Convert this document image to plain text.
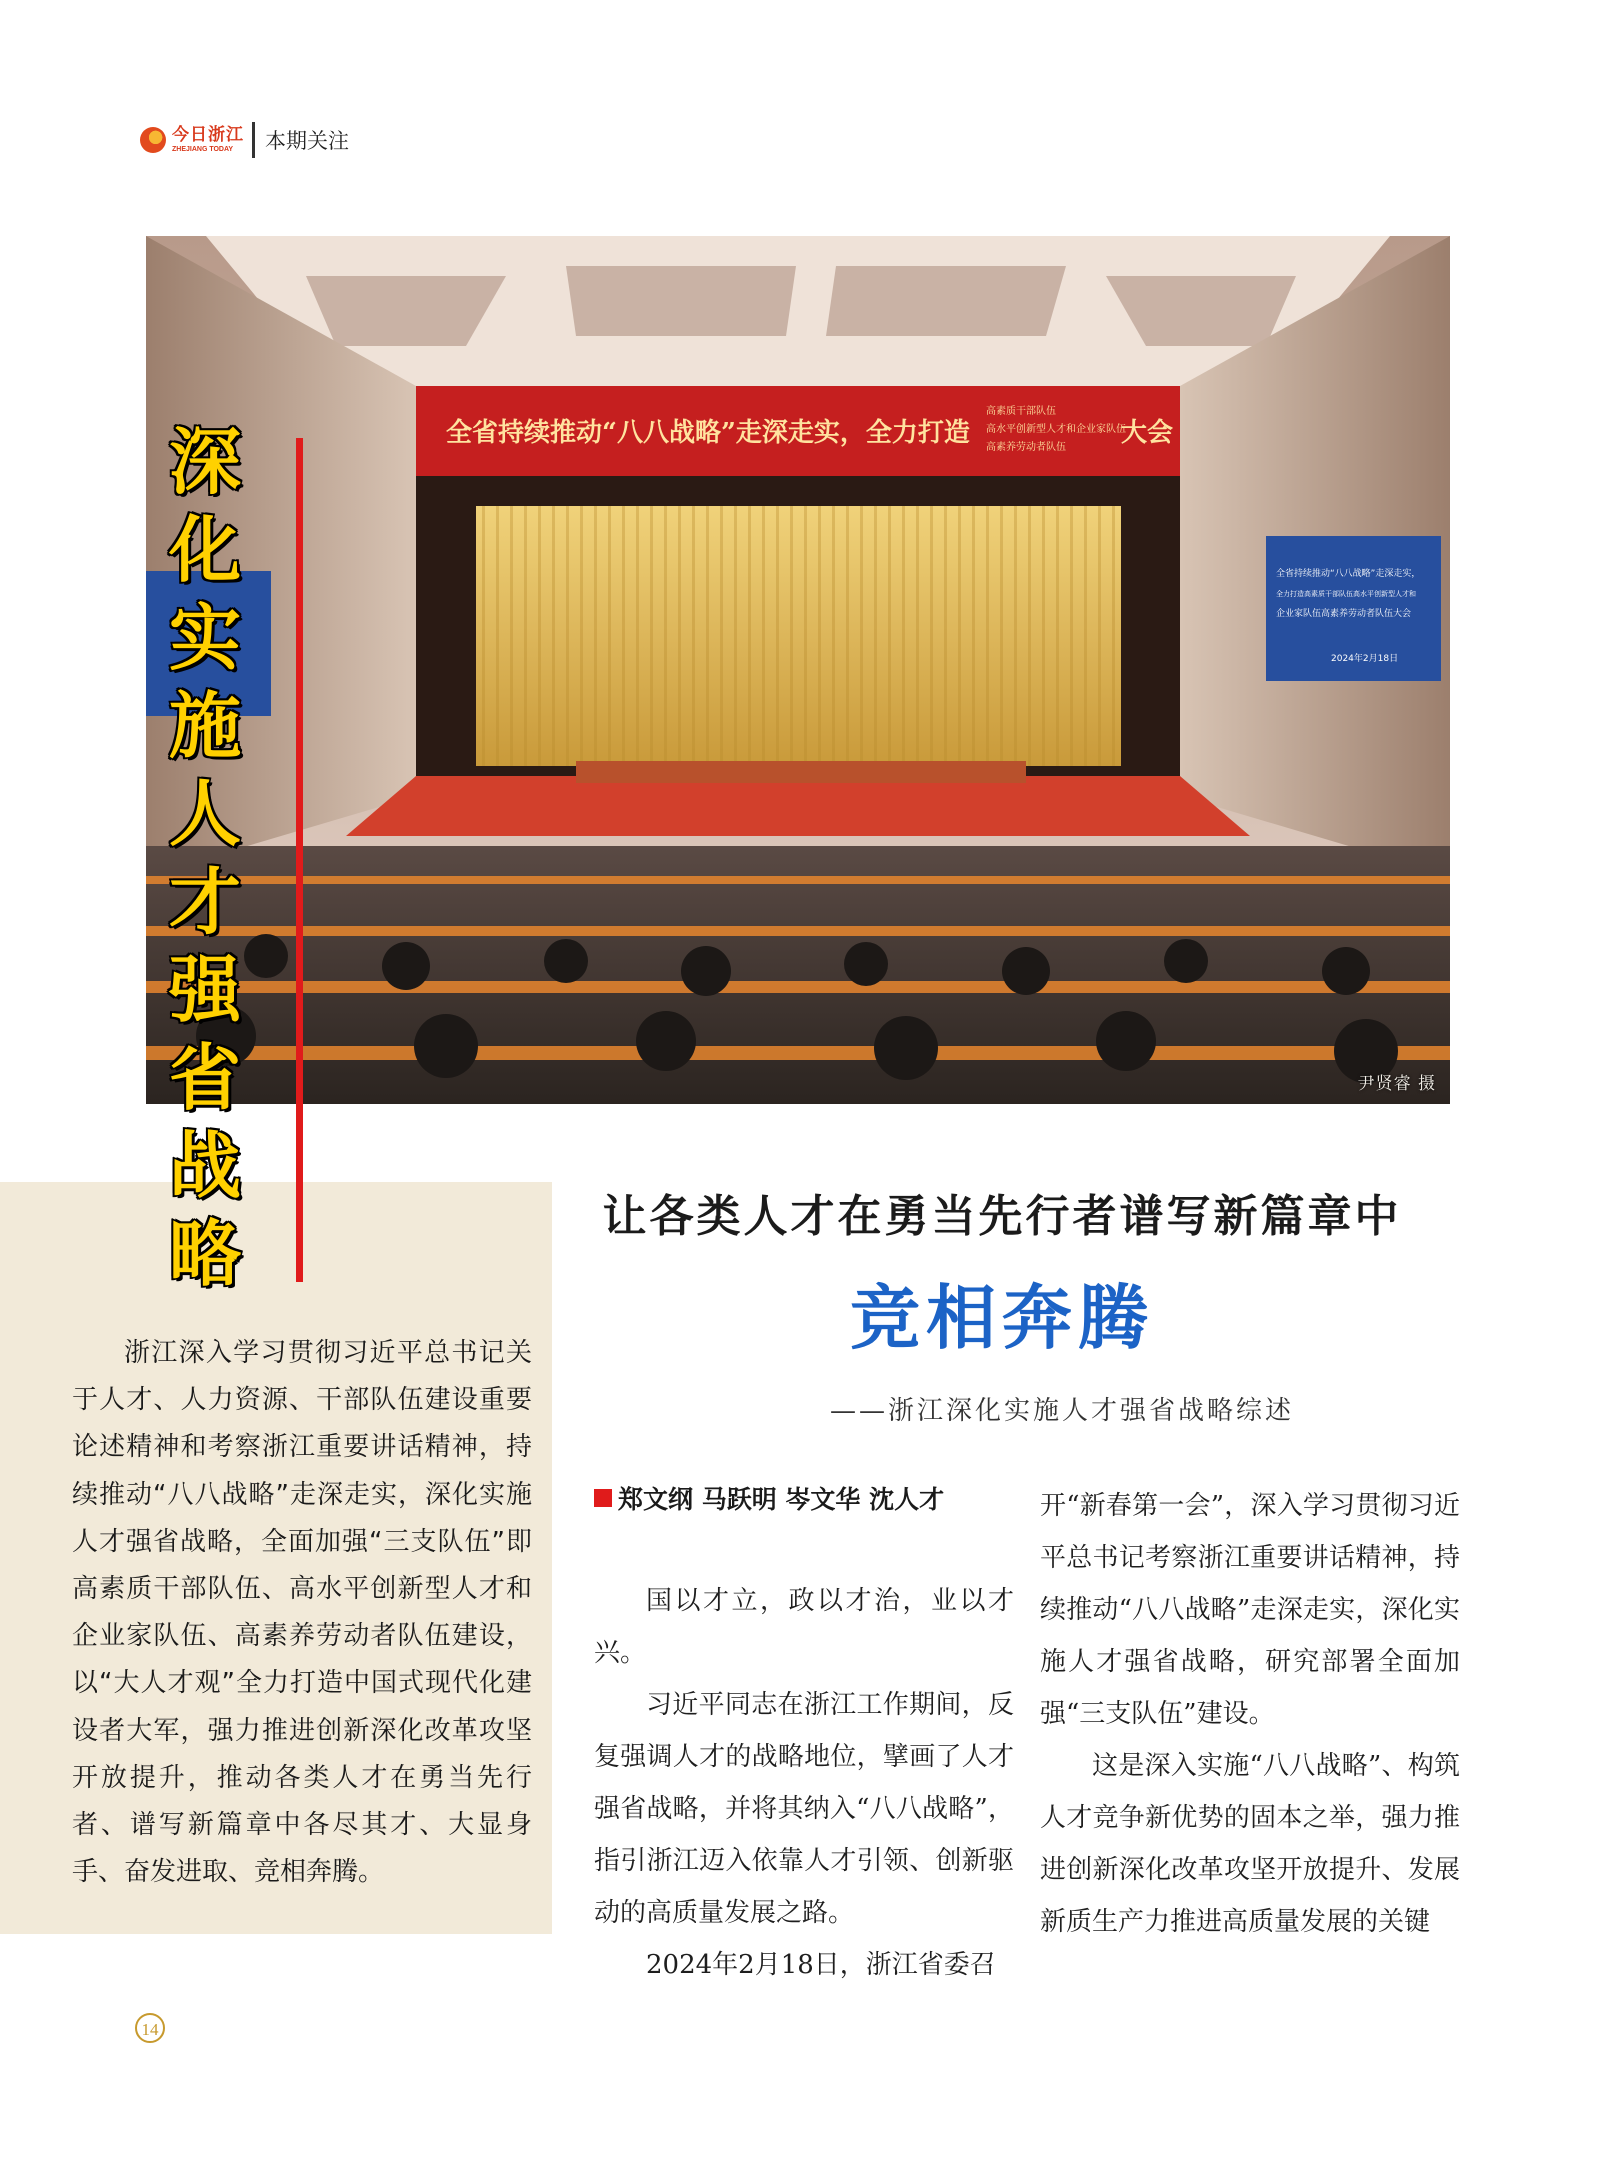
今日浙江
ZHEJIANG TODAY	本期关注
全省持续推动“八八战略”走深走实，全力打造
高素质干部队伍
高水平创新型人才和企业家队伍
高素养劳动者队伍 大会
全省持续推动“八八战略”走深走实，
全力打造高素质干部队伍高水平创新型人才和
企业家队伍高素养劳动者队伍大会
2024年2月18日
尹贤睿 摄
深
化
实
施
人
才
强
省
战
略
浙江深入学习贯彻习近平总书记关于人才、人力资源、干部队伍建设重要论述精神和考察浙江重要讲话精神，持续推动“八八战略”走深走实，深化实施人才强省战略，全面加强“三支队伍”即高素质干部队伍、高水平创新型人才和企业家队伍、高素养劳动者队伍建设，以“大人才观”全力打造中国式现代化建设者大军，强力推进创新深化改革攻坚开放提升，推动各类人才在勇当先行者、谱写新篇章中各尽其才、大显身手、奋发进取、竞相奔腾。
让各类人才在勇当先行者谱写新篇章中
竞相奔腾
——浙江深化实施人才强省战略综述
郑文纲 马跃明 岑文华 沈人才

国以才立，政以才治，业以才兴。

习近平同志在浙江工作期间，反复强调人才的战略地位，擘画了人才强省战略，并将其纳入“八八战略”，指引浙江迈入依靠人才引领、创新驱动的高质量发展之路。

2024年2月18日，浙江省委召

开“新春第一会”，深入学习贯彻习近平总书记考察浙江重要讲话精神，持续推动“八八战略”走深走实，深化实施人才强省战略，研究部署全面加强“三支队伍”建设。

这是深入实施“八八战略”、构筑人才竞争新优势的固本之举，强力推进创新深化改革攻坚开放提升、发展新质生产力推进高质量发展的关键

14
